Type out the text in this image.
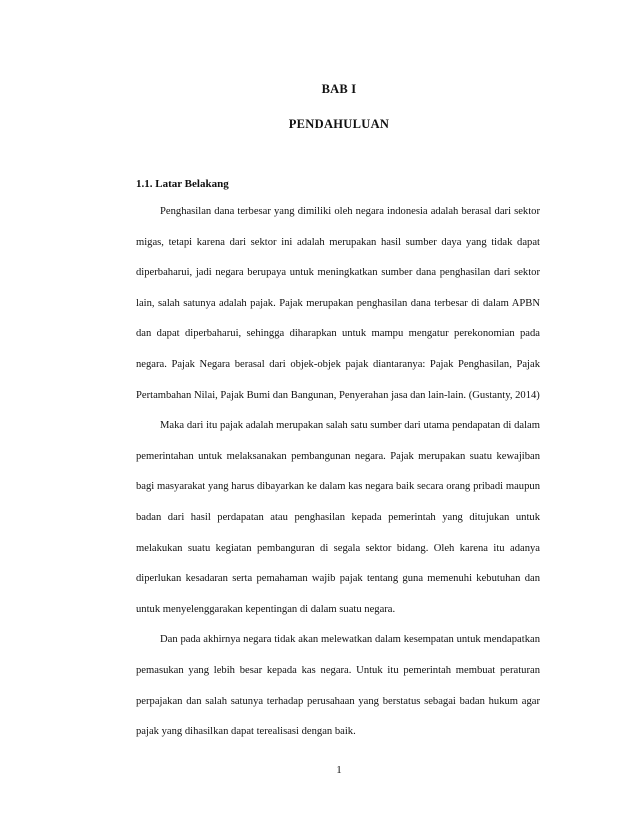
BAB I
PENDAHULUAN
1.1. Latar Belakang

Penghasilan dana terbesar yang dimiliki oleh negara indonesia adalah berasal dari sektor migas, tetapi karena dari sektor ini adalah merupakan hasil sumber daya yang tidak dapat diperbaharui, jadi negara berupaya untuk meningkatkan sumber dana penghasilan dari sektor lain, salah satunya adalah pajak. Pajak merupakan penghasilan dana terbesar di dalam APBN dan dapat diperbaharui, sehingga diharapkan untuk mampu mengatur perekonomian pada negara. Pajak Negara berasal dari objek-objek pajak diantaranya: Pajak Penghasilan, Pajak Pertambahan Nilai, Pajak Bumi dan Bangunan, Penyerahan jasa dan lain-lain. (Gustanty, 2014)

Maka dari itu pajak adalah merupakan salah satu sumber dari utama pendapatan di dalam pemerintahan untuk melaksanakan pembangunan negara. Pajak merupakan suatu kewajiban bagi masyarakat yang harus dibayarkan ke dalam kas negara baik secara orang pribadi maupun badan dari hasil perdapatan atau penghasilan kepada pemerintah yang ditujukan untuk melakukan suatu kegiatan pembanguran di segala sektor bidang. Oleh karena itu adanya diperlukan kesadaran serta pemahaman wajib pajak tentang guna memenuhi kebutuhan dan untuk menyelenggarakan kepentingan di dalam suatu negara.

Dan pada akhirnya negara tidak akan melewatkan dalam kesempatan untuk mendapatkan pemasukan yang lebih besar kepada kas negara. Untuk itu pemerintah membuat peraturan perpajakan dan salah satunya terhadap perusahaan yang berstatus sebagai badan hukum agar pajak yang dihasilkan dapat terealisasi dengan baik.

1
